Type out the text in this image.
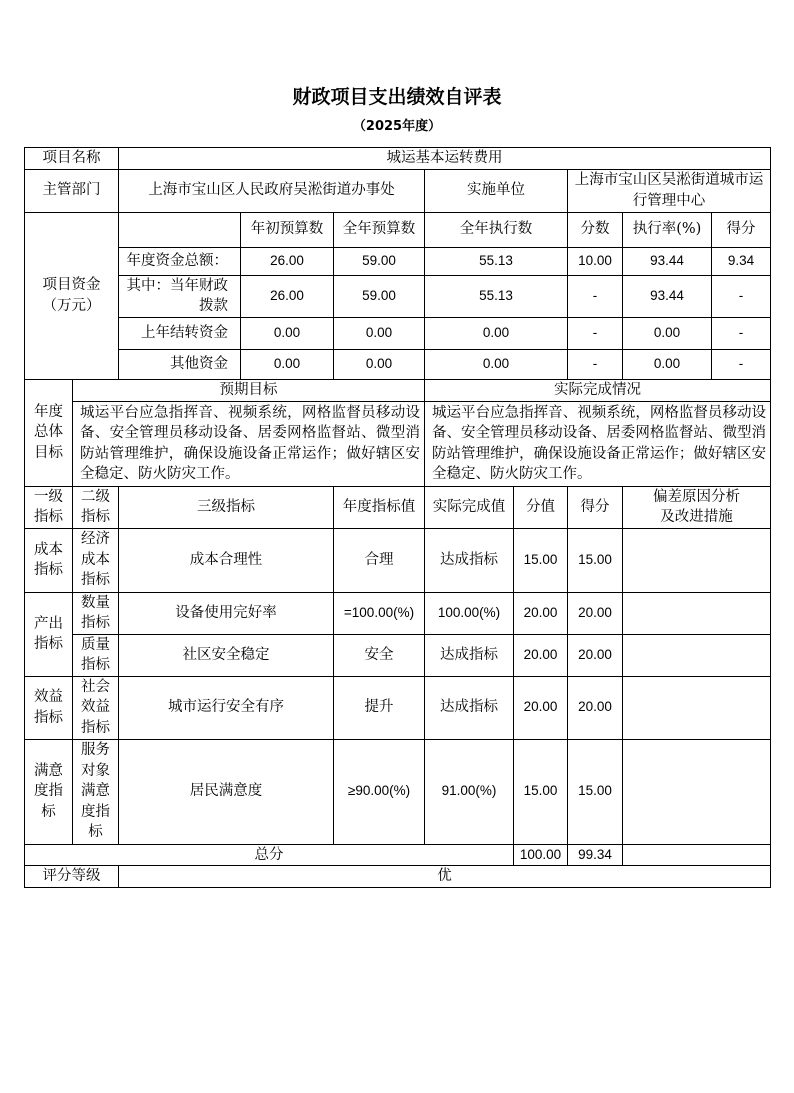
财政项目支出绩效自评表
（2025年度）
项目名称		城运基本运转费用							
主管部门		上海市宝山区人民政府吴淞街道办事处			实施单位		上海市宝山区吴淞街道城市运行管理中心		
项目资金（万元）			年初预算数	全年预算数	全年执行数		分数	执行率(%)	得分
		年度资金总额：	26.00	59.00	55.13		10.00	93.44	9.34
		其中：当年财政拨款	26.00	59.00	55.13		-	93.44	-
		上年结转资金	0.00	0.00	0.00		-	0.00	-
		其他资金	0.00	0.00	0.00		-	0.00	-
年度总体目标	预期目标				实际完成情况				
	城运平台应急指挥音、视频系统，网格监督员移动设备、安全管理员移动设备、居委网格监督站、微型消防站管理维护，确保设施设备正常运作；做好辖区安全稳定、防火防灾工作。				城运平台应急指挥音、视频系统，网格监督员移动设备、安全管理员移动设备、居委网格监督站、微型消防站管理维护，确保设施设备正常运作；做好辖区安全稳定、防火防灾工作。				
一级指标	二级指标	三级指标		年度指标值	实际完成值	分值	得分	偏差原因分析及改进措施	
成本指标	经济成本指标	成本合理性		合理	达成指标	15.00	15.00		
产出指标	数量指标	设备使用完好率		=100.00(%)	100.00(%)	20.00	20.00		
	质量指标	社区安全稳定		安全	达成指标	20.00	20.00		
效益指标	社会效益指标	城市运行安全有序		提升	达成指标	20.00	20.00		
满意度指标	服务对象满意度指标	居民满意度		≥90.00(%)	91.00(%)	15.00	15.00		
总分						100.00	99.34		
评分等级		优							
